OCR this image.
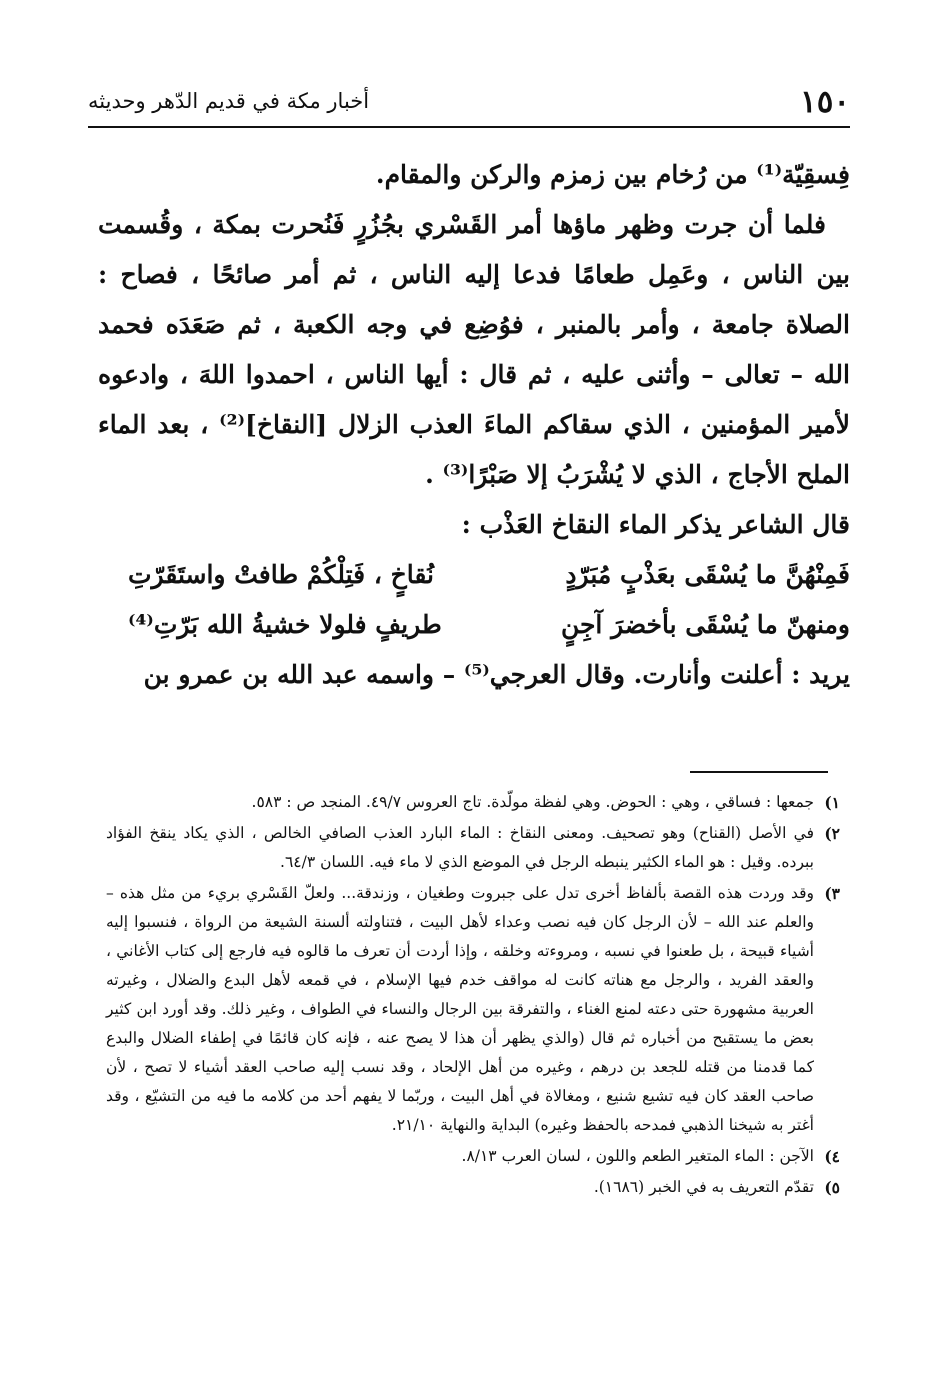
١٥٠
أخبار مكة في قديم الدّهر وحديثه

فِسقِيّة⁽¹⁾ من رُخام بين زمزم والركن والمقام.

فلما أن جرت وظهر ماؤها أمر القَسْري بجُزُرٍ فَنُحرت بمكة ، وقُسمت بين الناس ، وعَمِل طعامًا فدعا إليه الناس ، ثم أمر صائحًا ، فصاح : الصلاة جامعة ، وأمر بالمنبر ، فوُضِع في وجه الكعبة ، ثم صَعَدَه فحمد الله – تعالى – وأثنى عليه ، ثم قال : أيها الناس ، احمدوا اللهَ ، وادعوه لأمير المؤمنين ، الذي سقاكم الماءَ العذب الزلال [النقاخ]⁽²⁾ ، بعد الماء الملح الأجاج ، الذي لا يُشْرَبُ إلا صَبْرًا⁽³⁾ .

قال الشاعر يذكر الماء النقاخ العَذْب :

فَمِنْهُنَّ ما يُسْقَى بعَذْبٍ مُبَرّدٍ
نُقاخٍ ، فَتِلْكُمْ طافتْ واستَقَرّتِ
ومنهنّ ما يُسْقَى بأخضرَ آجِنٍ
طريفٍ فلولا خشيةُ الله بَرّتِ⁽⁴⁾

يريد : أعلنت وأنارت. وقال العرجي⁽⁵⁾ – واسمه عبد الله بن عمرو بن

١)
جمعها : فساقي ، وهي : الحوض. وهي لفظة مولّدة. تاج العروس ٤٩/٧. المنجد ص : ٥٨٣.
٢)
في الأصل (القناح) وهو تصحيف. ومعنى النقاخ : الماء البارد العذب الصافي الخالص ، الذي يكاد ينقخ الفؤاد ببرده. وقيل : هو الماء الكثير ينبطه الرجل في الموضع الذي لا ماء فيه. اللسان ٦٤/٣.
٣)
وقد وردت هذه القصة بألفاظ أخرى تدل على جبروت وطغيان ، وزندقة... ولعلّ القَسْري بريء من مثل هذه – والعلم عند الله – لأن الرجل كان فيه نصب وعداء لأهل البيت ، فتناولته ألسنة الشيعة من الرواة ، فنسبوا إليه أشياء قبيحة ، بل طعنوا في نسبه ، ومروءته وخلقه ، وإذا أردت أن تعرف ما قالوه فيه فارجع إلى كتاب الأغاني ، والعقد الفريد ، والرجل مع هناته كانت له مواقف خدم فيها الإسلام ، في قمعه لأهل البدع والضلال ، وغيرته العربية مشهورة حتى دعته لمنع الغناء ، والتفرقة بين الرجال والنساء في الطواف ، وغير ذلك. وقد أورد ابن كثير بعض ما يستقبح من أخباره ثم قال (والذي يظهر أن هذا لا يصح عنه ، فإنه كان قائمًا في إطفاء الضلال والبدع كما قدمنا من قتله للجعد بن درهم ، وغيره من أهل الإلحاد ، وقد نسب إليه صاحب العقد أشياء لا تصح ، لأن صاحب العقد كان فيه تشيع شنيع ، ومغالاة في أهل البيت ، وربّما لا يفهم أحد من كلامه ما فيه من التشيّع ، وقد أغتر به شيخنا الذهبي فمدحه بالحفظ وغيره) البداية والنهاية ٢١/١٠.
٤)
الآجن : الماء المتغير الطعم واللون ، لسان العرب ٨/١٣.
٥)
تقدّم التعريف به في الخبر (١٦٨٦).
